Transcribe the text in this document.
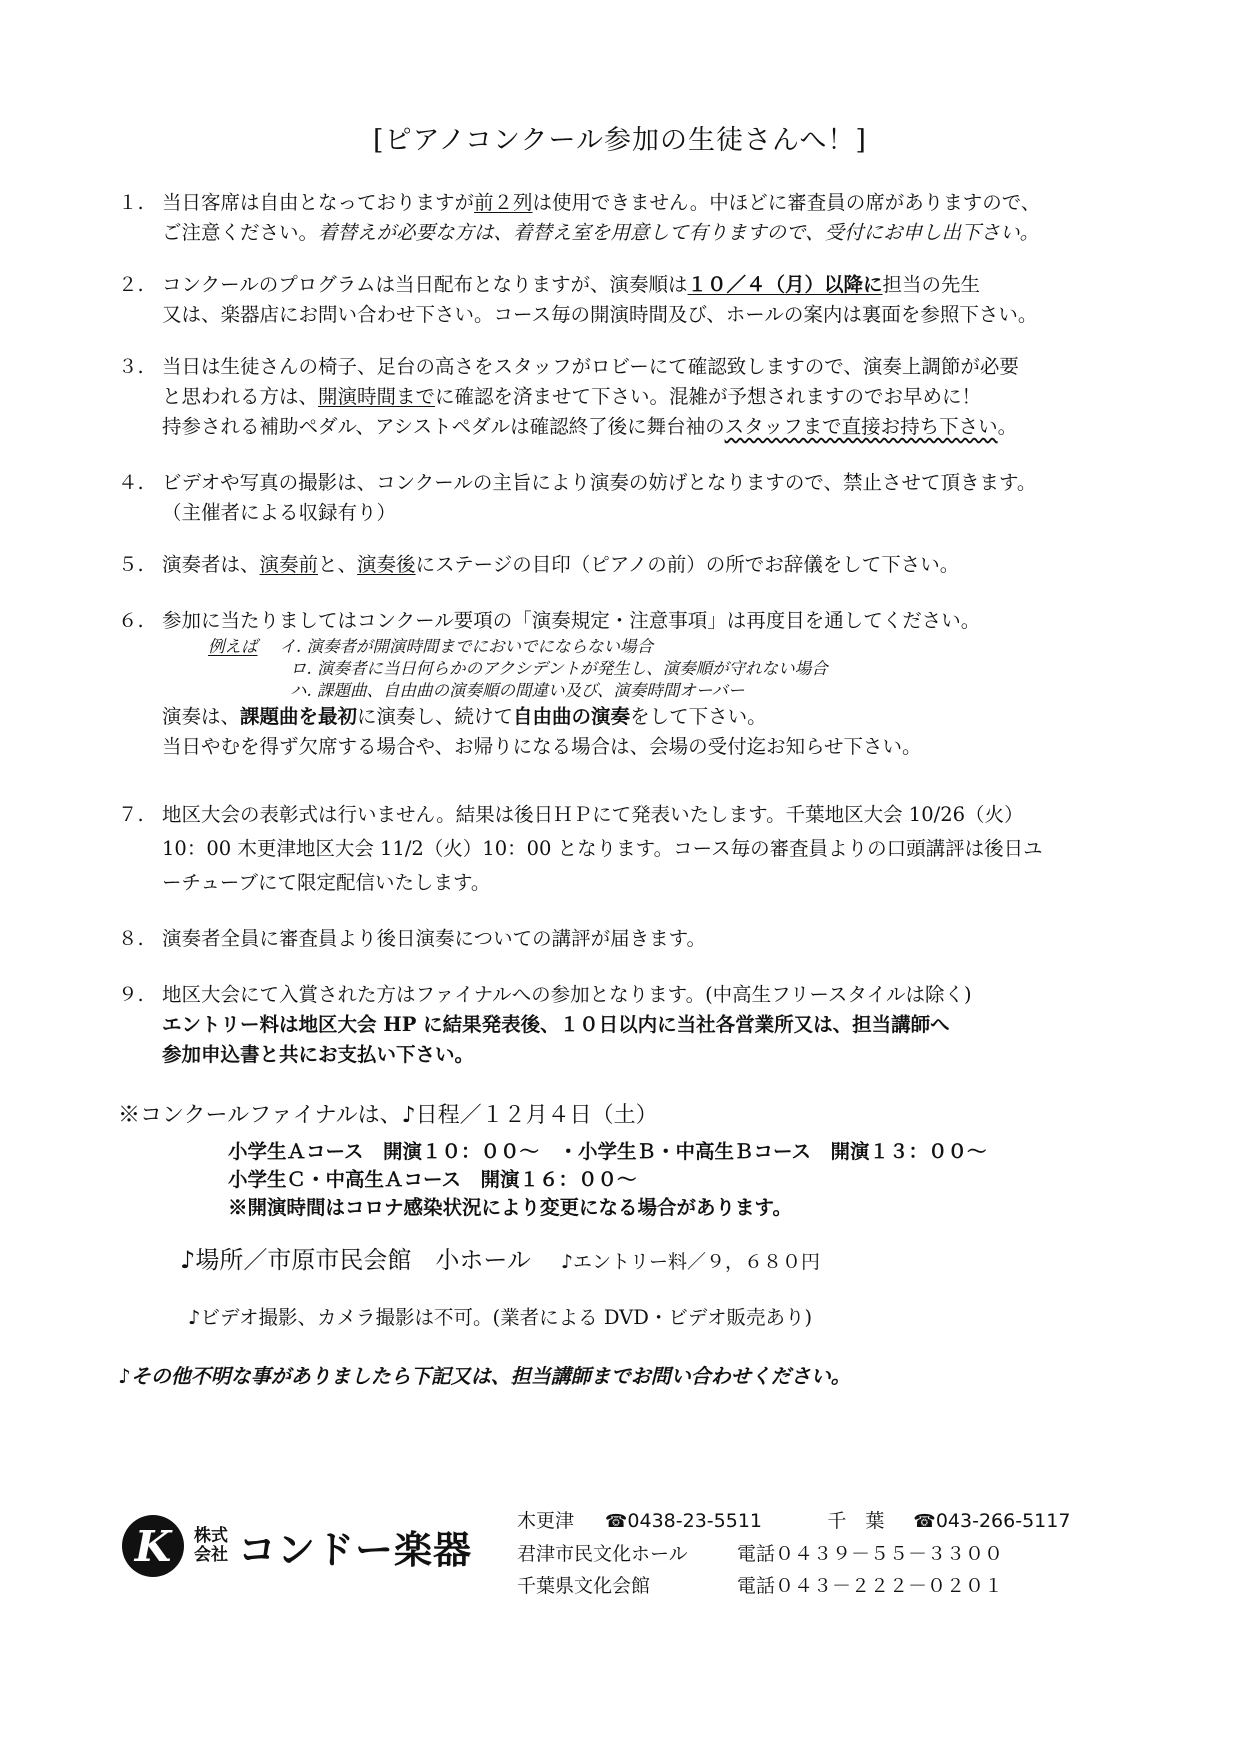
[ピアノコンクール参加の生徒さんへ！]
１. 当日客席は自由となっておりますが前２列は使用できません。中ほどに審査員の席がありますので、
ご注意ください。着替えが必要な方は、着替え室を用意して有りますので、受付にお申し出下さい。
２. コンクールのプログラムは当日配布となりますが、演奏順は１０／４（月）以降に担当の先生
又は、楽器店にお問い合わせ下さい。コース毎の開演時間及び、ホールの案内は裏面を参照下さい。
３. 当日は生徒さんの椅子、足台の高さをスタッフがロビーにて確認致しますので、演奏上調節が必要
と思われる方は、開演時間までに確認を済ませて下さい。混雑が予想されますのでお早めに！
持参される補助ペダル、アシストペダルは確認終了後に舞台袖のスタッフまで直接お持ち下さい。
４. ビデオや写真の撮影は、コンクールの主旨により演奏の妨げとなりますので、禁止させて頂きます。
（主催者による収録有り）
５. 演奏者は、演奏前と、演奏後にステージの目印（ピアノの前）の所でお辞儀をして下さい。
６. 参加に当たりましてはコンクール要項の「演奏規定・注意事項」は再度目を通してください。
例えば イ. 演奏者が開演時間までにおいでにならない場合
ロ. 演奏者に当日何らかのアクシデントが発生し、演奏順が守れない場合
ハ. 課題曲、自由曲の演奏順の間違い及び、演奏時間オーバー
演奏は、課題曲を最初に演奏し、続けて自由曲の演奏をして下さい。
当日やむを得ず欠席する場合や、お帰りになる場合は、会場の受付迄お知らせ下さい。
７. 地区大会の表彰式は行いません。結果は後日ＨＰにて発表いたします。千葉地区大会 10/26（火）
10：00 木更津地区大会 11/2（火）10：00 となります。コース毎の審査員よりの口頭講評は後日ユ
ーチューブにて限定配信いたします。
８. 演奏者全員に審査員より後日演奏についての講評が届きます。
９. 地区大会にて入賞された方はファイナルへの参加となります。(中高生フリースタイルは除く)
エントリー料は地区大会 HP に結果発表後、１０日以内に当社各営業所又は、担当講師へ
参加申込書と共にお支払い下さい。
※コンクールファイナルは、♪日程／１２月４日（土）
小学生Ａコース　開演１０：００～　・小学生Ｂ・中高生Ｂコース　開演１３：００～
小学生Ｃ・中高生Ａコース　開演１６：００～
※開演時間はコロナ感染状況により変更になる場合があります。
♪場所／市原市民会館　小ホール ♪エントリー料／９，６８０円
♪ビデオ撮影、カメラ撮影は不可。(業者による DVD・ビデオ販売あり)
♪その他不明な事がありましたら下記又は、担当講師までお問い合わせください。
K	株式
会社 コンドー楽器
木更津 ☎0438-23-5511	千　葉 ☎043-266-5117
君津市民文化ホール	電話０４３９－５５－３３００
千葉県文化会館	電話０４３－２２２－０２０１
